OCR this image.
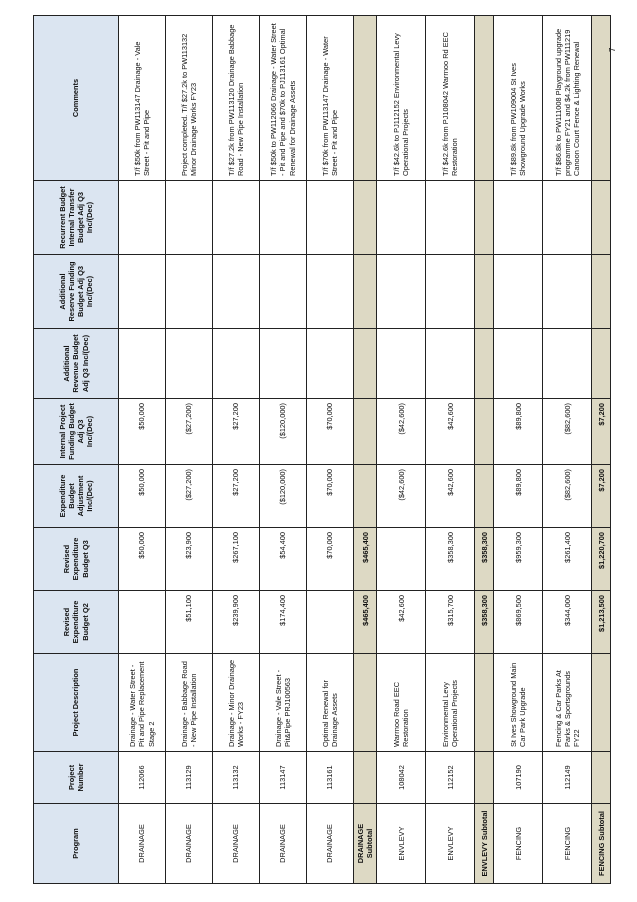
Program	Project Number	Project Description	Revised Expenditure Budget Q2	Revised Expenditure Budget Q3	Expenditure Budget Adjustment Inc/(Dec)	Internal Project Funding Budget Adj Q3 Inc/(Dec)	Additional Revenue Budget Adj Q3 Inc/(Dec)	Additional Reserve Funding Budget Adj Q3 Inc/(Dec)	Recurrent Budget Internal Transfer Budget Adj Q3 Inc/(Dec)	Comments
DRAINAGE	112066	Drainage - Water Street - Pit and Pipe Replacement Stage 2		$50,000	$50,000	$50,000				T/f $50k from PW113147 Drainage - Vale Street - Pit and Pipe
DRAINAGE	113129	Drainage - Babbage Road - New Pipe Installation	$51,100	$23,900	($27,200)	($27,200)				Project completed. T/f $27.2k to PW113132 Minor Drainage Works FY23
DRAINAGE	113132	Drainage - Minor Drainage Works - FY23	$239,900	$267,100	$27,200	$27,200				T/f $27.2k from PW113120 Drainage Babbage Road - New Pipe Installation
DRAINAGE	113147	Drainage - Vale Street - Pit&Pipe PRJ100563	$174,400	$54,400	($120,000)	($120,000)				T/f $50k to PW112066 Drainage - Water Street - Pit and Pipe and $70k to PJ113161 Optimal Renewal for Drainage Assets
DRAINAGE	113161	Optimal Renewal for Drainage Assets		$70,000	$70,000	$70,000				T/f $70k from PW113147 Drainage - Water Street - Pit and Pipe
DRAINAGE Subtotal			$465,400	$465,400						
ENVLEVY	108042	Warrnoo Road EEC Restoration	$42,600		($42,600)	($42,600)				T/f $42.6k to PJ112152 Environmental Levy Operational Projects
ENVLEVY	112152	Environmental Levy Operational Projects	$315,700	$358,300	$42,600	$42,600				T/f $42.6k from PJ108042 Warrnoo Rd EEC Restoration
ENVLEVY Subtotal			$358,300	$358,300						
FENCING	107190	St Ives Showground Main Car Park Upgrade	$869,500	$959,300	$89,800	$89,800				T/f $89.8k from PW109004 St Ives Showground Upgrade Works
FENCING	112149	Fencing & Car Parks At Parks & Sportsgrounds FY22	$344,000	$261,400	($82,600)	($82,600)				T/f $86.8k to PW111008 Playground upgrade programme FY21 and $4.2k from PW111219 Canoon Court Fence & Lighting Renewal
FENCING Subtotal			$1,213,500	$1,220,700	$7,200	$7,200				
7
